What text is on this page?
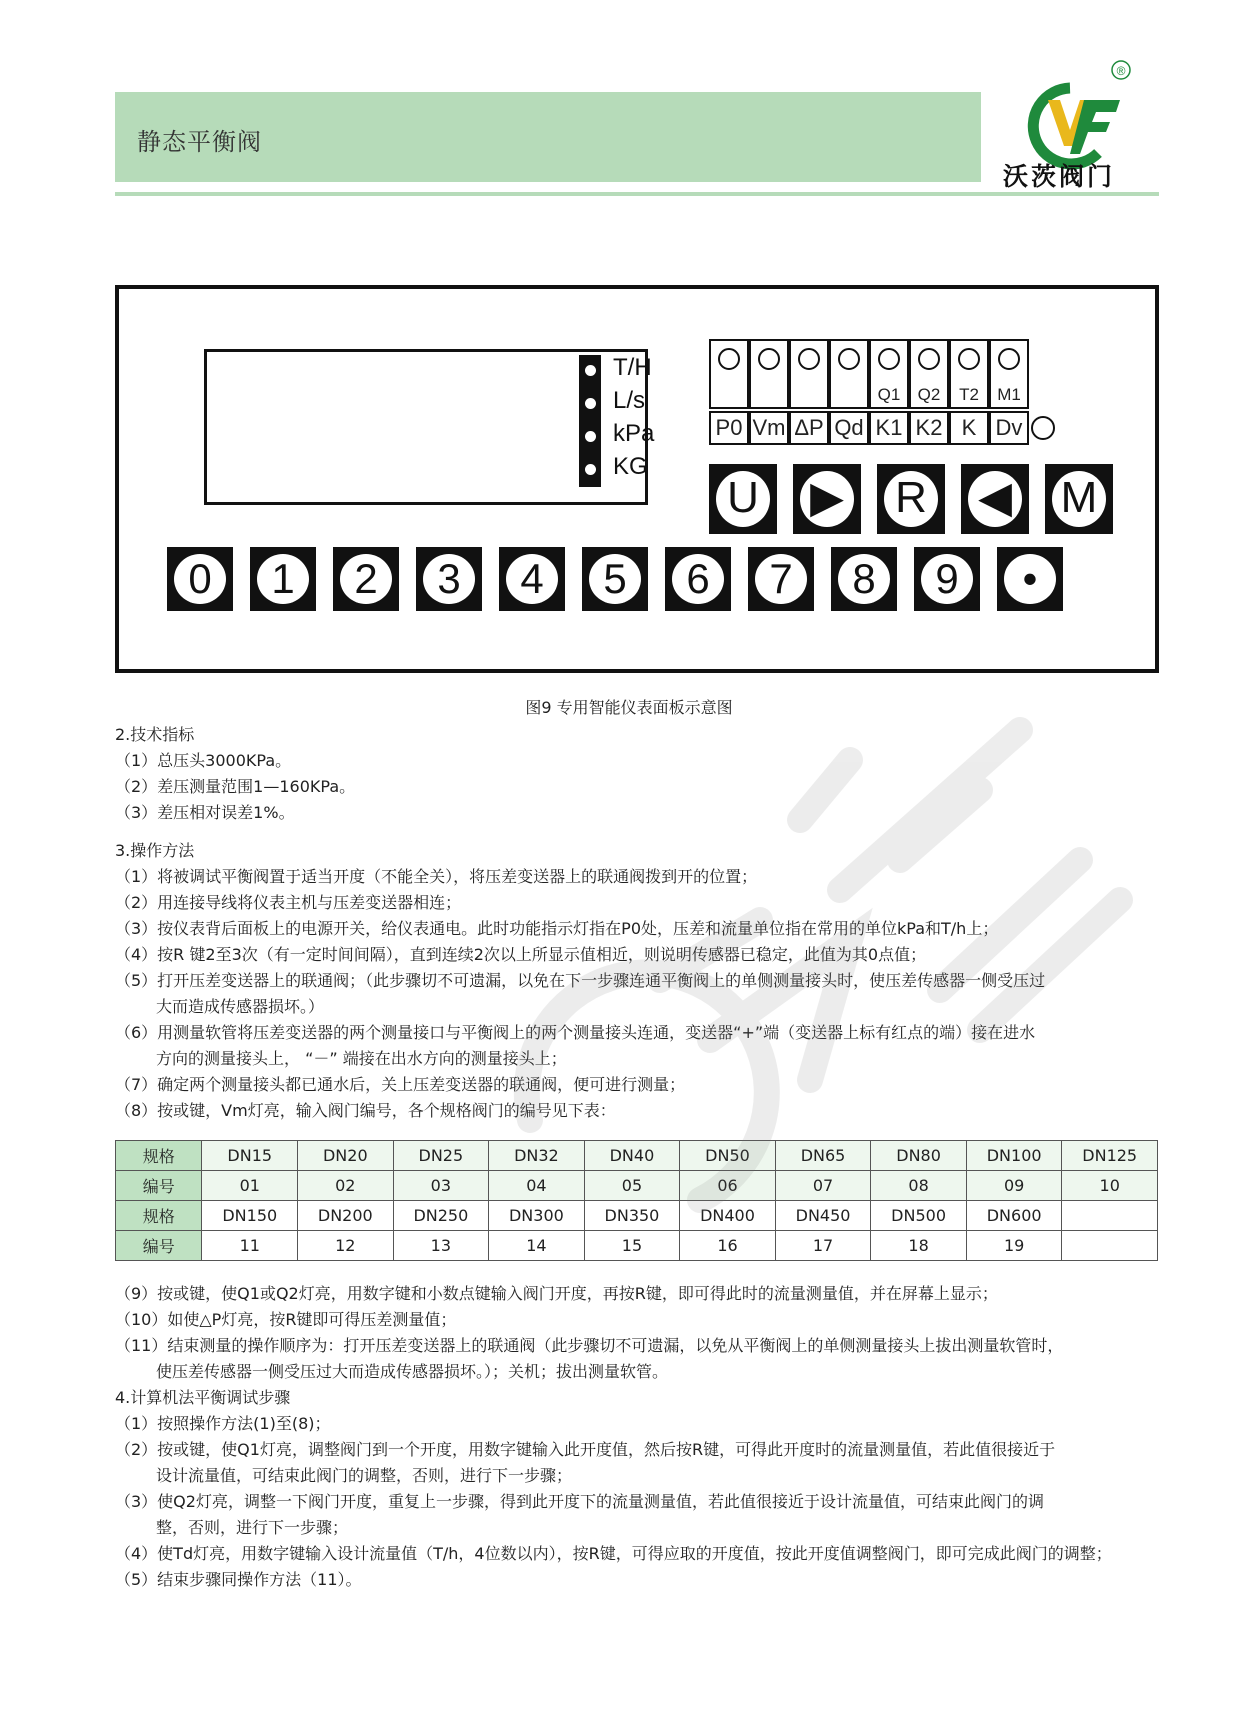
静态平衡阀
®
沃茨阀门
T/H
L/s
kPa
KG
Q1	Q2	T2	M1
P0 Vm ΔP Qd K1 K2 K Dv
U ▶ R ◀ M
0	1	2	3	4	5	6	7	8	9	•
图9 专用智能仪表面板示意图
2.技术指标
（1）总压头3000KPa。
（2）差压测量范围1—160KPa。
（3）差压相对误差1%。
3.操作方法
（1）将被调试平衡阀置于适当开度（不能全关），将压差变送器上的联通阀拨到开的位置；
（2）用连接导线将仪表主机与压差变送器相连；
（3）按仪表背后面板上的电源开关，给仪表通电。此时功能指示灯指在P0处，压差和流量单位指在常用的单位kPa和T/h上；
（4）按R 键2至3次（有一定时间间隔），直到连续2次以上所显示值相近，则说明传感器已稳定，此值为其0点值；
（5）打开压差变送器上的联通阀；（此步骤切不可遗漏，以免在下一步骤连通平衡阀上的单侧测量接头时，使压差传感器一侧受压过
大而造成传感器损坏。）
（6）用测量软管将压差变送器的两个测量接口与平衡阀上的两个测量接头连通，变送器“+”端（变送器上标有红点的端）接在进水
方向的测量接头上， “－” 端接在出水方向的测量接头上；
（7）确定两个测量接头都已通水后，关上压差变送器的联通阀，便可进行测量；
（8）按或键，Vm灯亮，输入阀门编号，各个规格阀门的编号见下表：
规格	DN15	DN20	DN25	DN32	DN40	DN50	DN65	DN80	DN100	DN125
编号	01	02	03	04	05	06	07	08	09	10
规格	DN150	DN200	DN250	DN300	DN350	DN400	DN450	DN500	DN600	
编号	11	12	13	14	15	16	17	18	19	
（9）按或键，使Q1或Q2灯亮，用数字键和小数点键输入阀门开度，再按R键，即可得此时的流量测量值，并在屏幕上显示；
（10）如使△P灯亮，按R键即可得压差测量值；
（11）结束测量的操作顺序为：打开压差变送器上的联通阀（此步骤切不可遗漏，以免从平衡阀上的单侧测量接头上拔出测量软管时，
使压差传感器一侧受压过大而造成传感器损坏。）；关机；拔出测量软管。
4.计算机法平衡调试步骤
（1）按照操作方法(1)至(8)；
（2）按或键，使Q1灯亮，调整阀门到一个开度，用数字键输入此开度值，然后按R键，可得此开度时的流量测量值，若此值很接近于
设计流量值，可结束此阀门的调整，否则，进行下一步骤；
（3）使Q2灯亮，调整一下阀门开度，重复上一步骤，得到此开度下的流量测量值，若此值很接近于设计流量值，可结束此阀门的调
整，否则，进行下一步骤；
（4）使Td灯亮，用数字键输入设计流量值（T/h，4位数以内），按R键，可得应取的开度值，按此开度值调整阀门，即可完成此阀门的调整；
（5）结束步骤同操作方法（11）。
